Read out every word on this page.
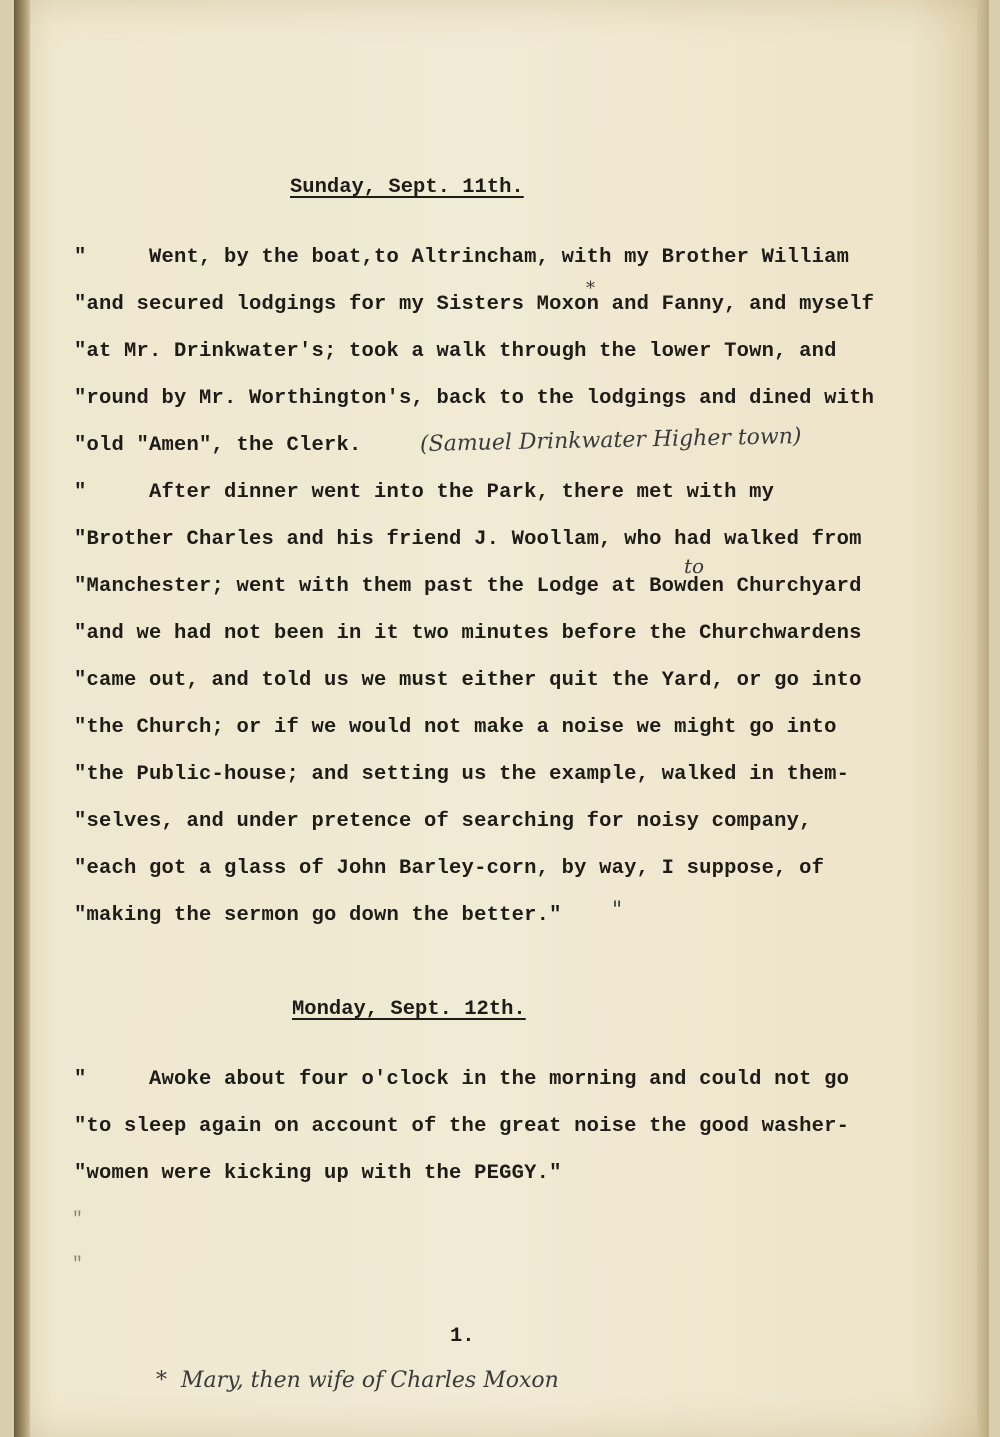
Sunday, Sept. 11th.

"     Went, by the boat,to Altrincham, with my Brother William

"and secured lodgings for my Sisters Moxon and Fanny, and myself

"at Mr. Drinkwater's; took a walk through the lower Town, and

"round by Mr. Worthington's, back to the lodgings and dined with

"old "Amen", the Clerk.

"     After dinner went into the Park, there met with my

"Brother Charles and his friend J. Woollam, who had walked from

"Manchester; went with them past the Lodge at Bowden Churchyard

"and we had not been in it two minutes before the Churchwardens

"came out, and told us we must either quit the Yard, or go into

"the Church; or if we would not make a noise we might go into

"the Public-house; and setting us the example, walked in them-

"selves, and under pretence of searching for noisy company,

"each got a glass of John Barley-corn, by way, I suppose, of

"making the sermon go down the better."

Monday, Sept. 12th.

"     Awoke about four o'clock in the morning and could not go

"to sleep again on account of the great noise the good washer-

"women were kicking up with the PEGGY."

"
"
(Samuel Drinkwater Higher town)
to
*
"

1.

*  Mary, then wife of Charles Moxon
